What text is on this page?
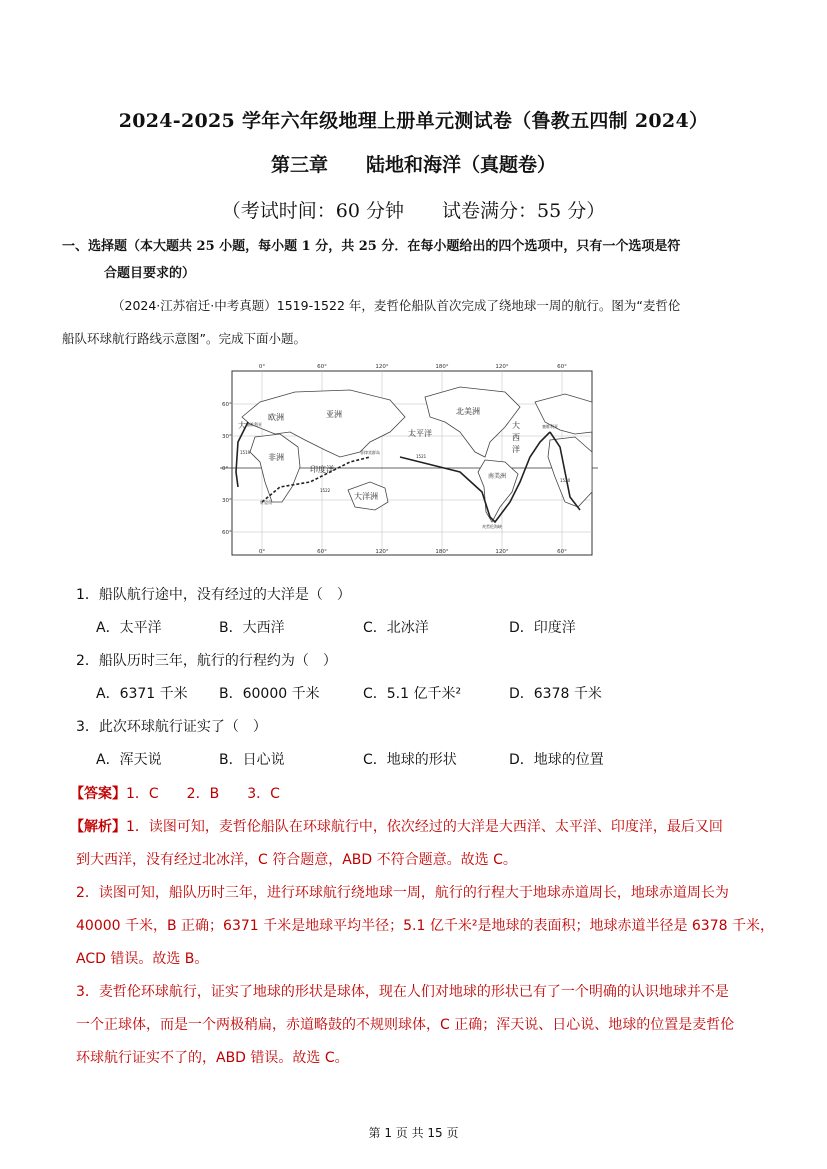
2024-2025 学年六年级地理上册单元测试卷（鲁教五四制 2024）
第三章　　陆地和海洋（真题卷）
（考试时间：60 分钟　　试卷满分：55 分）
一、选择题（本大题共 25 小题，每小题 1 分，共 25 分．在每小题给出的四个选项中，只有一个选项是符
合题目要求的）
（2024·江苏宿迁·中考真题）1519-1522 年，麦哲伦船队首次完成了绕地球一周的航行。图为“麦哲伦
船队环球航行路线示意图”。完成下面小题。
0°	60°	120°	180°	120°	60°
0°	60°	120°	180°	120°	60°
60°
30°
0°
30°
60°
欧洲	亚洲
非洲
北美洲
南美洲
大洋洲
太平洋
印度洋
大	大
西
洋
塞维利亚	塞维利亚
菲律宾群岛
好望角
麦哲伦海峡
1519
1520
1521
1522
1．船队航行途中，没有经过的大洋是（　）
A．太平洋	B．大西洋	C．北冰洋	D．印度洋
2．船队历时三年，航行的行程约为（　）
A．6371 千米 B．60000 千米	C．5.1 亿千米²	D．6378 千米
3．此次环球航行证实了（　）
A．浑天说	B．日心说	C．地球的形状	D．地球的位置
【答案】1．C　　2．B　　3．C
【解析】1．读图可知，麦哲伦船队在环球航行中，依次经过的大洋是大西洋、太平洋、印度洋，最后又回
到大西洋，没有经过北冰洋，C 符合题意，ABD 不符合题意。故选 C。
2．读图可知，船队历时三年，进行环球航行绕地球一周，航行的行程大于地球赤道周长，地球赤道周长为
40000 千米，B 正确；6371 千米是地球平均半径；5.1 亿千米²是地球的表面积；地球赤道半径是 6378 千米，
ACD 错误。故选 B。
3．麦哲伦环球航行，证实了地球的形状是球体，现在人们对地球的形状已有了一个明确的认识地球并不是
一个正球体，而是一个两极稍扁，赤道略鼓的不规则球体，C 正确；浑天说、日心说、地球的位置是麦哲伦
环球航行证实不了的，ABD 错误。故选 C。
第 1 页 共 15 页
